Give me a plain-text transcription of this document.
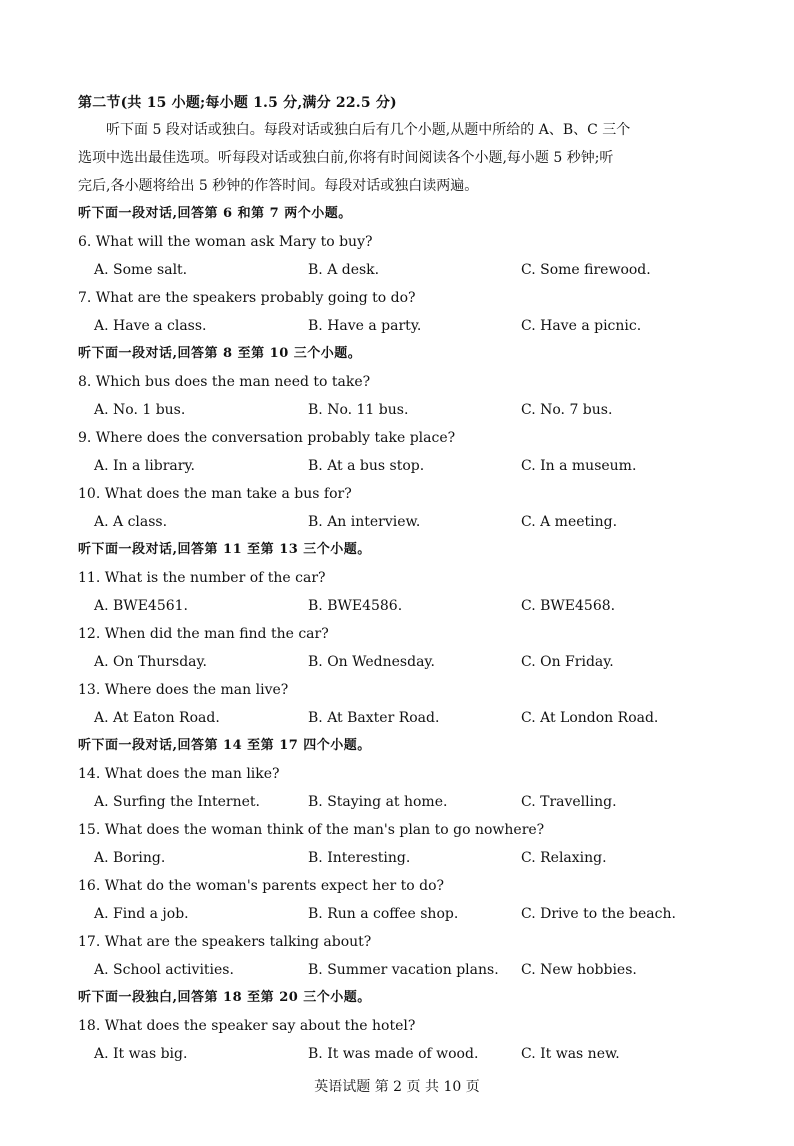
第二节(共 15 小题;每小题 1.5 分,满分 22.5 分)
听下面 5 段对话或独白。每段对话或独白后有几个小题,从题中所给的 A、B、C 三个
选项中选出最佳选项。听每段对话或独白前,你将有时间阅读各个小题,每小题 5 秒钟;听
完后,各小题将给出 5 秒钟的作答时间。每段对话或独白读两遍。
听下面一段对话,回答第 6 和第 7 两个小题。
6. What will the woman ask Mary to buy?
A. Some salt.	B. A desk.	C. Some firewood.
7. What are the speakers probably going to do?
A. Have a class.	B. Have a party.	C. Have a picnic.
听下面一段对话,回答第 8 至第 10 三个小题。
8. Which bus does the man need to take?
A. No. 1 bus.	B. No. 11 bus.	C. No. 7 bus.
9. Where does the conversation probably take place?
A. In a library.	B. At a bus stop.	C. In a museum.
10. What does the man take a bus for?
A. A class.	B. An interview.	C. A meeting.
听下面一段对话,回答第 11 至第 13 三个小题。
11. What is the number of the car?
A. BWE4561.	B. BWE4586.	C. BWE4568.
12. When did the man find the car?
A. On Thursday.	B. On Wednesday.	C. On Friday.
13. Where does the man live?
A. At Eaton Road.	B. At Baxter Road.	C. At London Road.
听下面一段对话,回答第 14 至第 17 四个小题。
14. What does the man like?
A. Surfing the Internet.	B. Staying at home.	C. Travelling.
15. What does the woman think of the man's plan to go nowhere?
A. Boring.	B. Interesting.	C. Relaxing.
16. What do the woman's parents expect her to do?
A. Find a job.	B. Run a coffee shop.	C. Drive to the beach.
17. What are the speakers talking about?
A. School activities.	B. Summer vacation plans. C. New hobbies.
听下面一段独白,回答第 18 至第 20 三个小题。
18. What does the speaker say about the hotel?
A. It was big.	B. It was made of wood.	C. It was new.
英语试题 第 2 页 共 10 页
